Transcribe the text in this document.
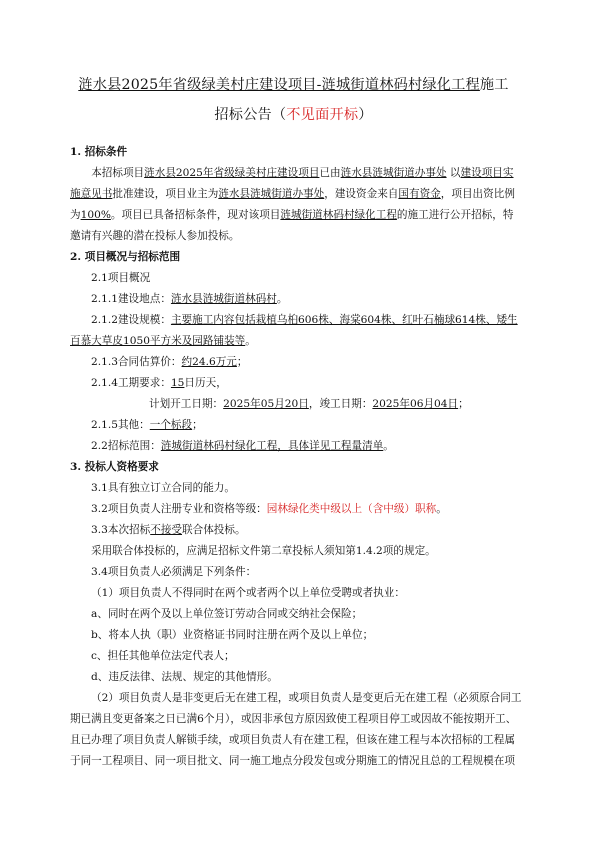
涟水县2025年省级绿美村庄建设项目-涟城街道林码村绿化工程施工
招标公告（不见面开标）

1. 招标条件

本招标项目涟水县2025年省级绿美村庄建设项目已由涟水县涟城街道办事处 以建设项目实施意见书批准建设，项目业主为涟水县涟城街道办事处，建设资金来自国有资金，项目出资比例为100%。项目已具备招标条件，现对该项目涟城街道林码村绿化工程的施工进行公开招标，特邀请有兴趣的潜在投标人参加投标。

2. 项目概况与招标范围

2.1项目概况

2.1.1建设地点：涟水县涟城街道林码村。

2.1.2建设规模：主要施工内容包括栽植乌桕606株、海棠604株、红叶石楠球614株、矮生百慕大草皮1050平方米及园路铺装等。

2.1.3合同估算价：约24.6万元；

2.1.4工期要求：15日历天，

计划开工日期：2025年05月20日，竣工日期：2025年06月04日；

2.1.5其他：一个标段；

2.2招标范围：涟城街道林码村绿化工程，具体详见工程量清单。

3. 投标人资格要求

3.1具有独立订立合同的能力。

3.2项目负责人注册专业和资格等级：园林绿化类中级以上（含中级）职称。

3.3本次招标不接受联合体投标。

采用联合体投标的，应满足招标文件第二章投标人须知第1.4.2项的规定。

3.4项目负责人必须满足下列条件：

（1）项目负责人不得同时在两个或者两个以上单位受聘或者执业：

a、同时在两个及以上单位签订劳动合同或交纳社会保险；

b、将本人执（职）业资格证书同时注册在两个及以上单位；

c、担任其他单位法定代表人；

d、违反法律、法规、规定的其他情形。

（2）项目负责人是非变更后无在建工程，或项目负责人是变更后无在建工程（必须原合同工期已满且变更备案之日已满6个月），或因非承包方原因致使工程项目停工或因故不能按期开工、且已办理了项目负责人解锁手续，或项目负责人有在建工程，但该在建工程与本次招标的工程属于同一工程项目、同一项目批文、同一施工地点分段发包或分期施工的情况且总的工程规模在项
